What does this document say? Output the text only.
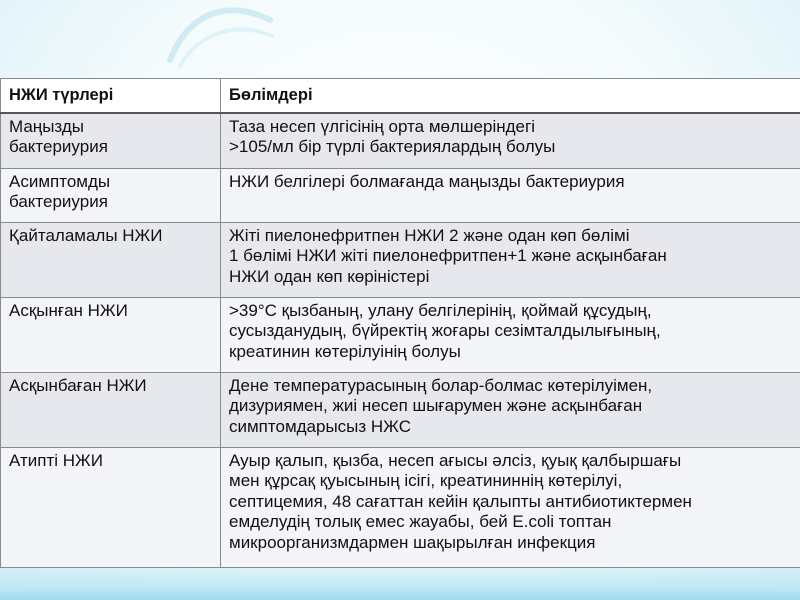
НЖИ түрлері	Бөлімдері

Маңызды
бактериурия	Таза несеп үлгісінің орта мөлшеріндегі
>105/мл бір түрлі бактериялардың болуы

Асимптомды
бактериурия	НЖИ белгілері болмағанда маңызды бактериурия

Қайталамалы НЖИ	Жіті пиелонефритпен НЖИ 2 және одан көп бөлімі
1 бөлімі НЖИ жіті пиелонефритпен+1 және асқынбаған
НЖИ одан көп көріністері

Асқынған НЖИ	>39°С қызбаның, улану белгілерінің, қоймай құсудың,
сусызданудың, бүйректің жоғары сезімталдылығының,
креатинин көтерілуінің болуы

Асқынбаған НЖИ	Дене температурасының болар-болмас көтерілуімен,
дизуриямен, жиі несеп шығарумен және асқынбаған
симптомдарысыз НЖС

Атипті НЖИ	Ауыр қалып, қызба, несеп ағысы әлсіз, қуық қалбыршағы
мен құрсақ қуысының ісігі, креатининнің көтерілуі,
септицемия, 48 сағаттан кейін қалыпты антибиотиктермен
емделудің толық емес жауабы, бей E.coli топтан
микроорганизмдармен шақырылған инфекция
